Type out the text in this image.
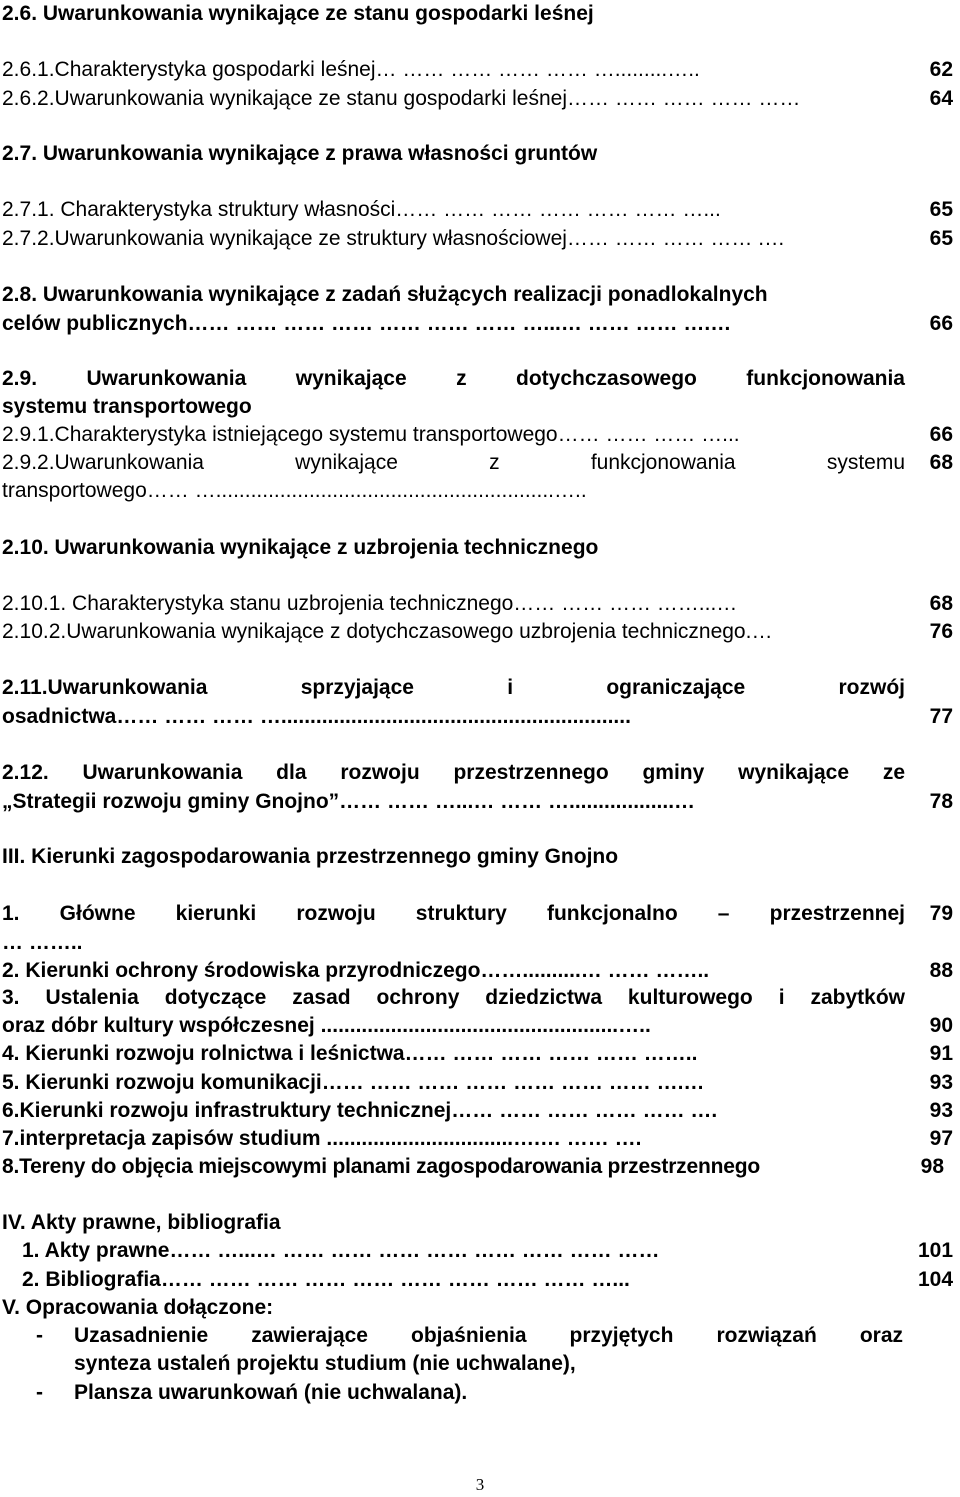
2.6. Uwarunkowania wynikające ze stanu gospodarki leśnej
2.6.1.Charakterystyka gospodarki leśnej… …… …… …… …… ….........…..	62
2.6.2.Uwarunkowania wynikające ze stanu gospodarki leśnej…… …… …… …… ……	64
2.7. Uwarunkowania wynikające z prawa własności gruntów
2.7.1. Charakterystyka struktury własności…… …… …… …… …… …… …...	65
2.7.2.Uwarunkowania wynikające ze struktury własnościowej…… …… …… …… .…	65
2.8. Uwarunkowania wynikające z zadań służących realizacji ponadlokalnych
celów publicznych…… …… …… …… …… …… …… …...… …… …… ….…	66
2.9. Uwarunkowania wynikające z dotychczasowego funkcjonowania
systemu transportowego
2.9.1.Charakterystyka istniejącego systemu transportowego…… …… …… …...	66
2.9.2.Uwarunkowania wynikające z funkcjonowania systemu 68
transportowego…… …..........................................................…..
2.10. Uwarunkowania wynikające z uzbrojenia technicznego
2.10.1. Charakterystyka stanu uzbrojenia technicznego…… …… …… ……...…	68
2.10.2.Uwarunkowania wynikające z dotychczasowego uzbrojenia technicznego.…	76
2.11.Uwarunkowania sprzyjające i ograniczające rozwój
osadnictwa…… …… …… …............................................................	77
2.12. Uwarunkowania dla rozwoju przestrzennego gminy wynikające ze
„Strategii rozwoju gminy Gnojno”…… …… …...… …… …..................…	78
III. Kierunki zagospodarowania przestrzennego gminy Gnojno
1. Główne kierunki rozwoju struktury funkcjonalno – przestrzennej 79
… ……..
2. Kierunki ochrony środowiska przyrodniczego……..........… …… ……..	88
3. Ustalenia dotyczące zasad ochrony dziedzictwa kulturowego i zabytków
oraz dóbr kultury współczesnej ...................................................…..	90
4. Kierunki rozwoju rolnictwa i leśnictwa…… …… …… …… …… ……..	91
5. Kierunki rozwoju komunikacji…… …… …… …… …… …… …… ….…	93
6.Kierunki rozwoju infrastruktury technicznej…… …… …… …… …… ….	93
7.interpretacja zapisów studium ................................….… …… ….	97
8.Tereny do objęcia miejscowymi planami zagospodarowania przestrzennego	98
IV. Akty prawne, bibliografia
1. Akty prawne…… …...… …… …… …… …… …… …… …… ……	101
2. Bibliografia…… …… …… …… …… …… …… …… …… …...	104
V. Opracowania dołączone:
- Uzasadnienie zawierające objaśnienia przyjętych rozwiązań oraz
synteza ustaleń projektu studium (nie uchwalane),
- Plansza uwarunkowań (nie uchwalana).
3
